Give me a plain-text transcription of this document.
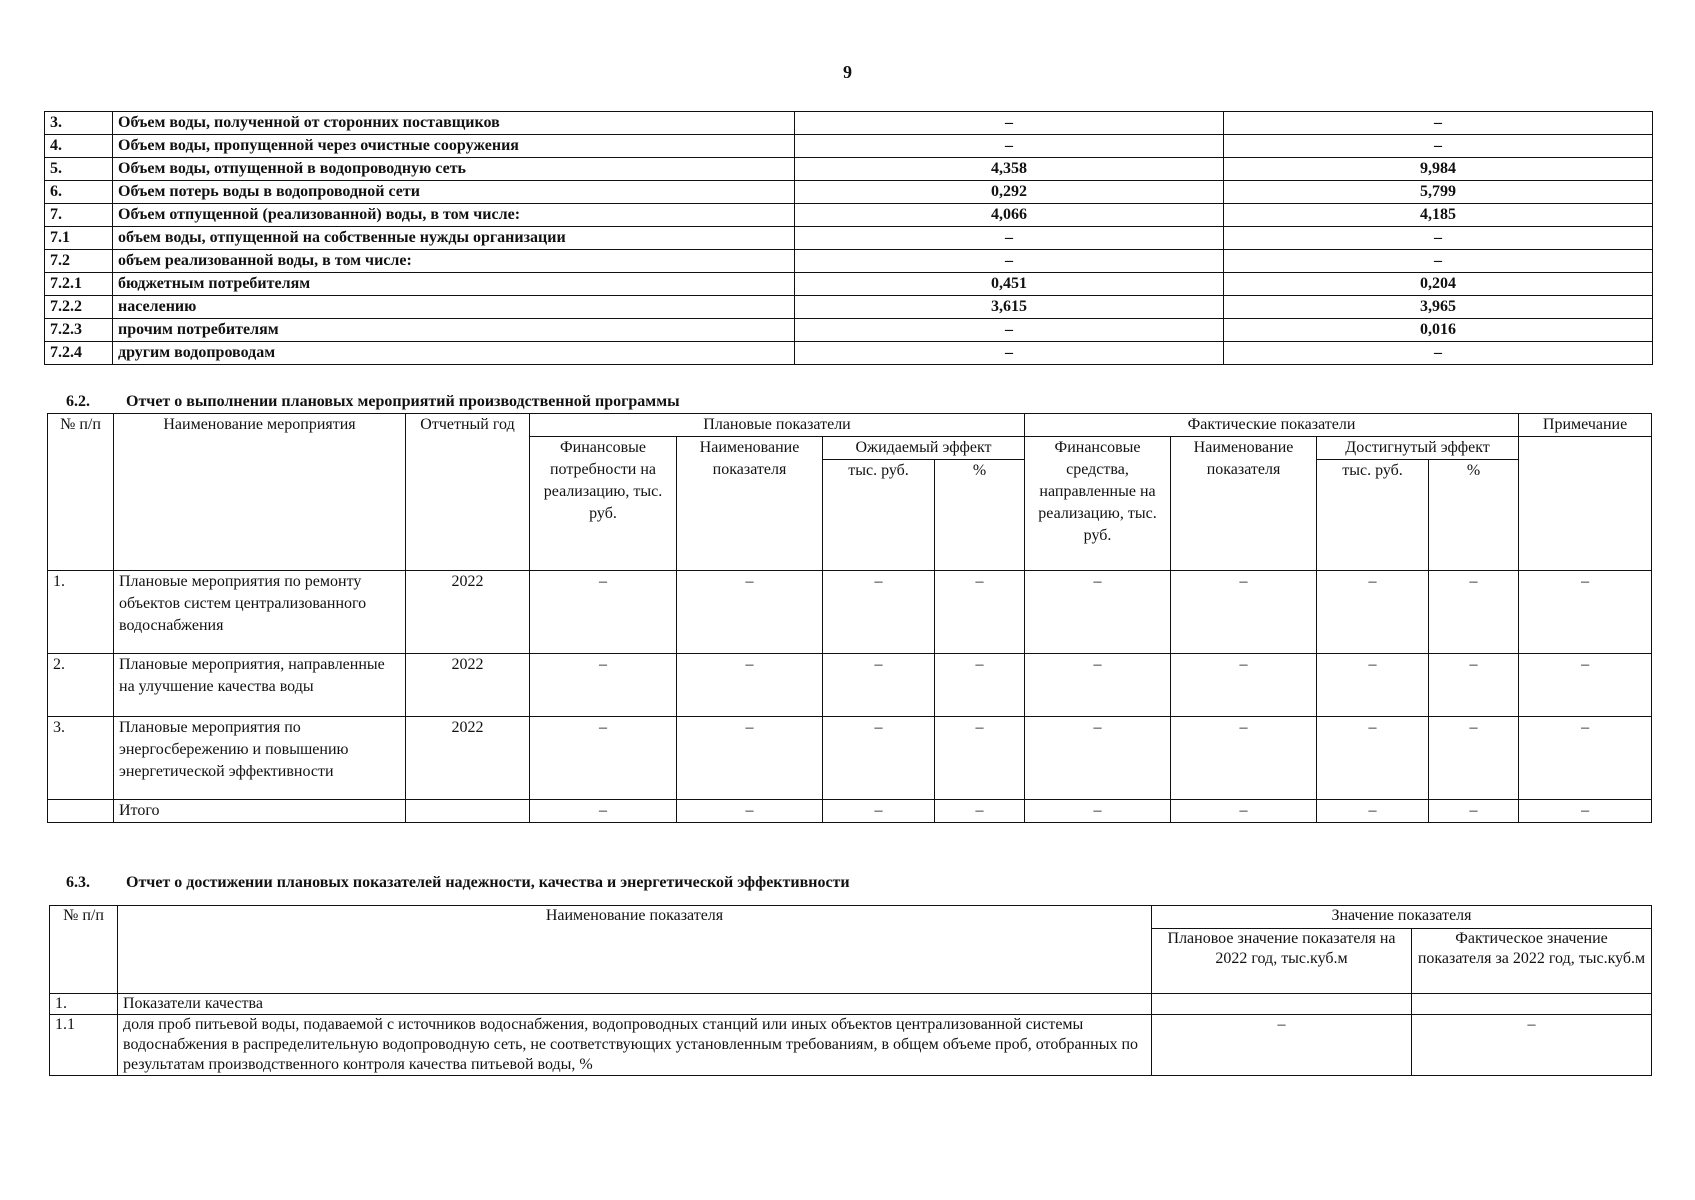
9
3.	Объем воды, полученной от сторонних поставщиков	–	–
4.	Объем воды, пропущенной через очистные сооружения	–	–
5.	Объем воды, отпущенной в водопроводную сеть	4,358	9,984
6.	Объем потерь воды в водопроводной сети	0,292	5,799
7.	Объем отпущенной (реализованной) воды, в том числе:	4,066	4,185
7.1	объем воды, отпущенной на собственные нужды организации	–	–
7.2	объем реализованной воды, в том числе:	–	–
7.2.1	бюджетным потребителям	0,451	0,204
7.2.2	населению	3,615	3,965
7.2.3	прочим потребителям	–	0,016
7.2.4	другим водопроводам	–	–
6.2. Отчет о выполнении плановых мероприятий производственной программы
№ п/п	Наименование мероприятия	Отчетный год	Плановые показатели				Фактические показатели				Примечание
			Финансовые потребности на реализацию, тыс. руб.	Наименование показателя	Ожидаемый эффект		Финансовые средства, направленные на реализацию, тыс. руб.	Наименование показателя	Достигнутый эффект		
					тыс. руб.	%			тыс. руб.	%	
1.	Плановые мероприятия по ремонту объектов систем централизованного водоснабжения	2022	–	–	–	–	–	–	–	–	–
2.	Плановые мероприятия, направленные на улучшение качества воды	2022	–	–	–	–	–	–	–	–	–
3.	Плановые мероприятия по энергосбережению и повышению энергетической эффективности	2022	–	–	–	–	–	–	–	–	–
	Итого		–	–	–	–	–	–	–	–	–
6.3. Отчет о достижении плановых показателей надежности, качества и энергетической эффективности
№ п/п	Наименование показателя	Значение показателя	
		Плановое значение показателя на 2022 год, тыс.куб.м	Фактическое значение показателя за 2022 год, тыс.куб.м
1.	Показатели качества		
1.1	доля проб питьевой воды, подаваемой с источников водоснабжения, водопроводных станций или иных объектов централизованной системы водоснабжения в распределительную водопроводную сеть, не соответствующих установленным требованиям, в общем объеме проб, отобранных по результатам производственного контроля качества питьевой воды, %	–	–
